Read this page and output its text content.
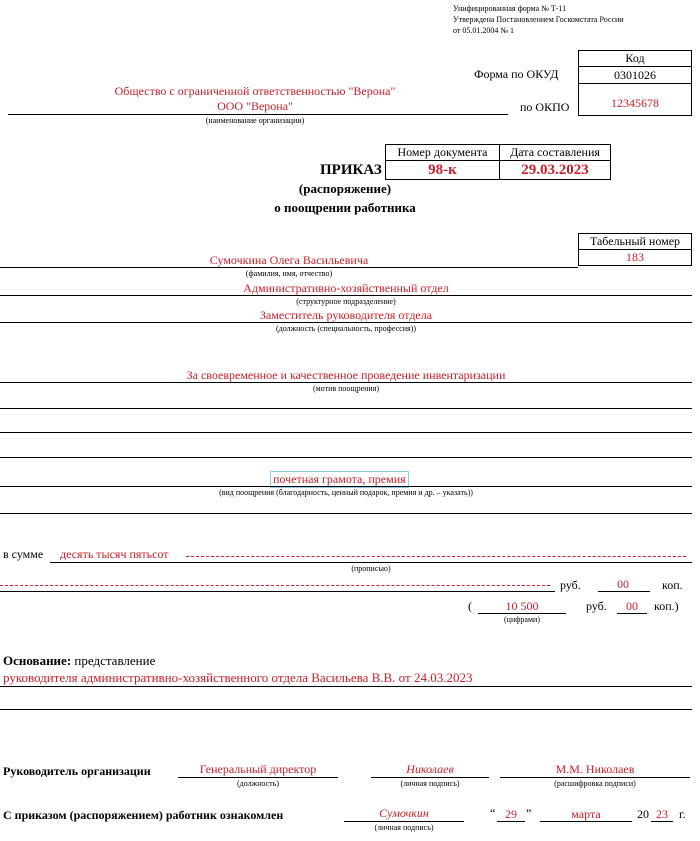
Унифицированная форма № Т-11
Утверждена Постановлением Госкомстата России
от 05.01.2004 № 1
Код
0301026
12345678
Форма по ОКУД
по ОКПО
Общество с ограниченной ответственностью "Верона"
ООО "Верона"
(наименование организации)
Номер документа	Дата составления
98-к	29.03.2023
ПРИКАЗ
(распоряжение)
о поощрении работника
Табельный номер
183
Сумочкина Олега Васильевича
(фамилия, имя, отчество)
Административно-хозяйственный отдел
(структурное подразделение)
Заместитель руководителя отдела
(должность (специальность, профессия))
За своевременное и качественное проведение инвентаризации
(мотив поощрения)
почетная грамота, премия
(вид поощрения (благодарность, ценный подарок, премия и др. – указать))
в сумме десять тысяч пятьсот
(прописью)
руб.	00	коп.
(	10 500
(цифрами)
руб.	00	коп.)
Основание: представление
руководителя административно-хозяйственного отдела Васильева В.В. от 24.03.2023
Руководитель организации	Генеральный директор
(должность)
Николаев
(личная подпись)
М.М. Николаев
(расшифровка подписи)
С приказом (распоряжением) работник ознакомлен	Сумочкин
(личная подпись)
“ 29 ”	марта	20 23 г.
